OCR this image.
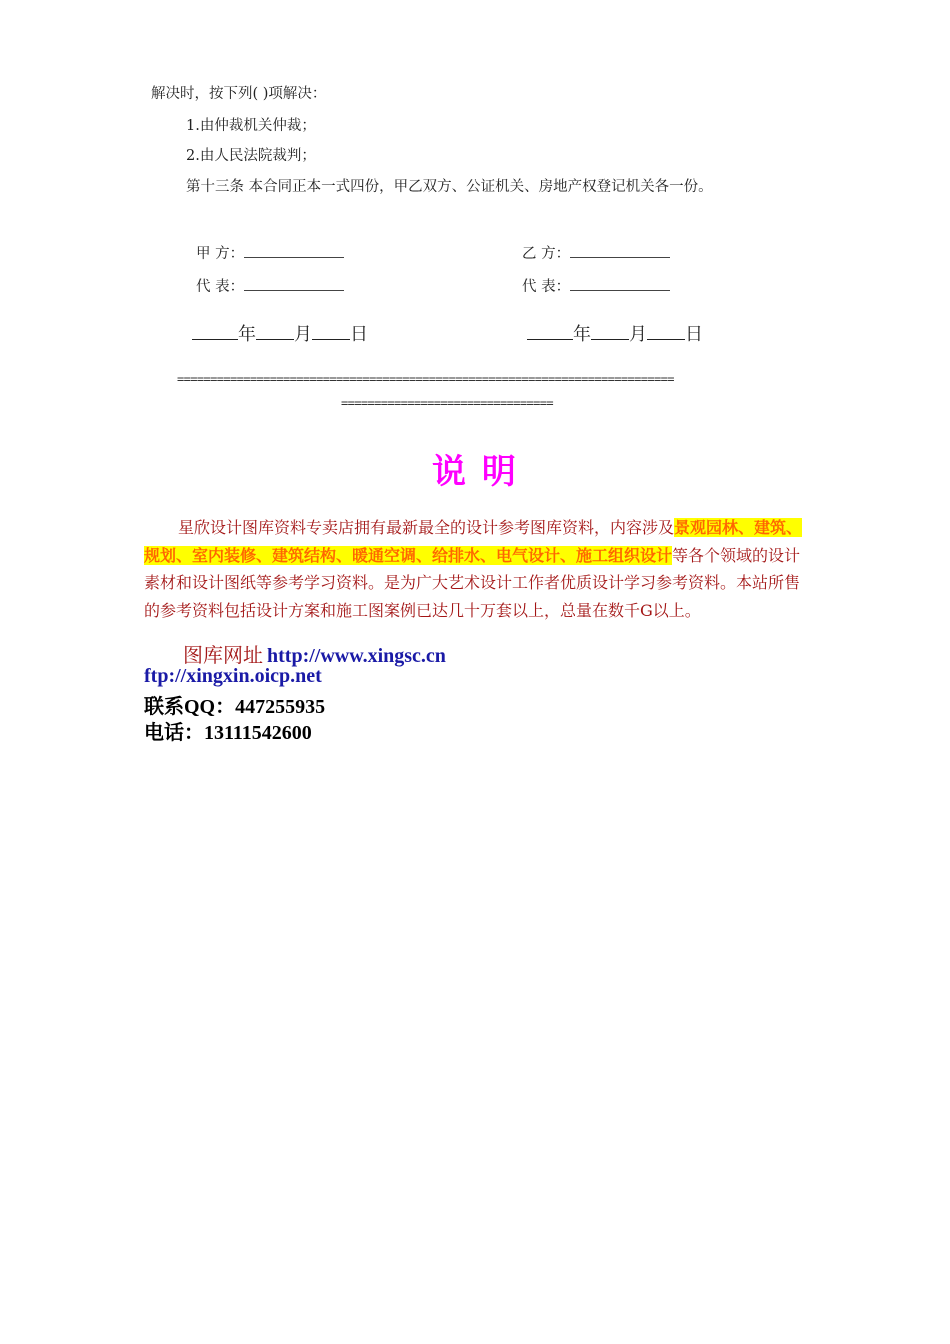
解决时，按下列( )项解决：
1.由仲裁机关仲裁；
2.由人民法院裁判；
第十三条 本合同正本一式四份，甲乙双方、公证机关、房地产权登记机关各一份。
甲 方：	乙 方：
代 表：	代 表：
年 月 日	年 月 日
===========================================================================
================================
说 明
星欣设计图库资料专卖店拥有最新最全的设计参考图库资料，内容涉及景观园林、建筑、规划、室内装修、建筑结构、暖通空调、给排水、电气设计、施工组织设计等各个领域的设计素材和设计图纸等参考学习资料。是为广大艺术设计工作者优质设计学习参考资料。本站所售的参考资料包括设计方案和施工图案例已达几十万套以上，总量在数千G以上。
图库网址 http://www.xingsc.cn
ftp://xingxin.oicp.net
联系QQ：447255935
电话：13111542600
